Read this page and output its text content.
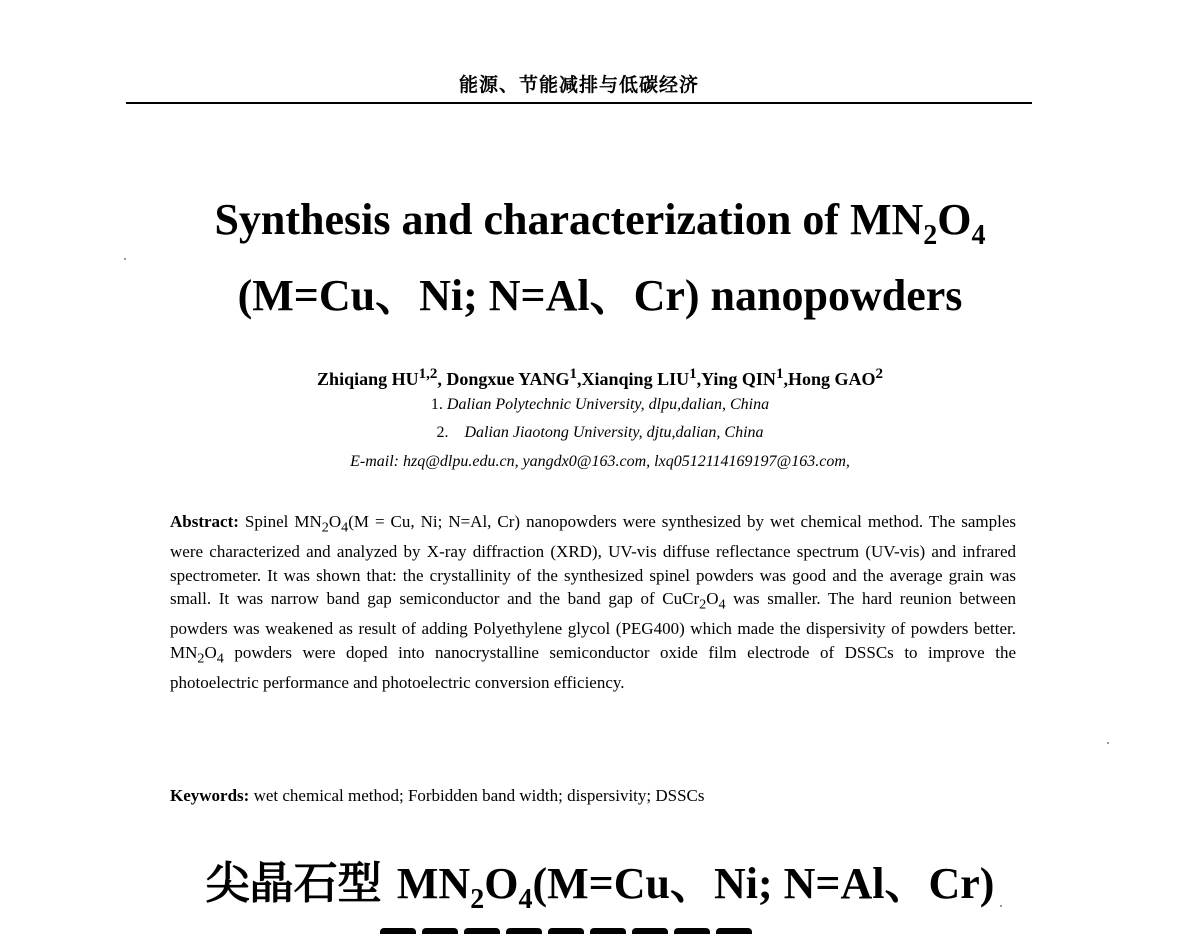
能源、节能减排与低碳经济
Synthesis and characterization of $MN_2O_4$
(M=Cu、Ni; N=Al、Cr) nanopowders
Zhiqiang HU$^{1,2}$, Dongxue YANG$^1$,Xianqing LIU$^1$,Ying QIN$^1$,Hong GAO$^2$
1. Dalian Polytechnic University, dlpu,dalian, China
2. Dalian Jiaotong University, djtu,dalian, China
E-mail: hzq@dlpu.edu.cn, yangdx0@163.com, lxq0512114169197@163.com,
Abstract: Spinel $MN_2O_4(M = Cu$, Ni; N=Al, Cr) nanopowders were synthesized by wet chemical method. The samples were characterized and analyzed by X-ray diffraction (XRD), UV-vis diffuse reflectance spectrum (UV-vis) and infrared spectrometer. It was shown that: the crystallinity of the synthesized spinel powders was good and the average grain was small. It was narrow band gap semiconductor and the band gap of $CuCr_2O_4$ was smaller. The hard reunion between powders was weakened as result of adding Polyethylene glycol (PEG400) which made the dispersivity of powders better. $MN_2O_4$ powders were doped into nanocrystalline semiconductor oxide film electrode of DSSCs to improve the photoelectric performance and photoelectric conversion efficiency.
Keywords: wet chemical method; Forbidden band width; dispersivity; DSSCs
尖晶石型 $MN_2O_4(M=Cu$、Ni; N=Al、Cr)
